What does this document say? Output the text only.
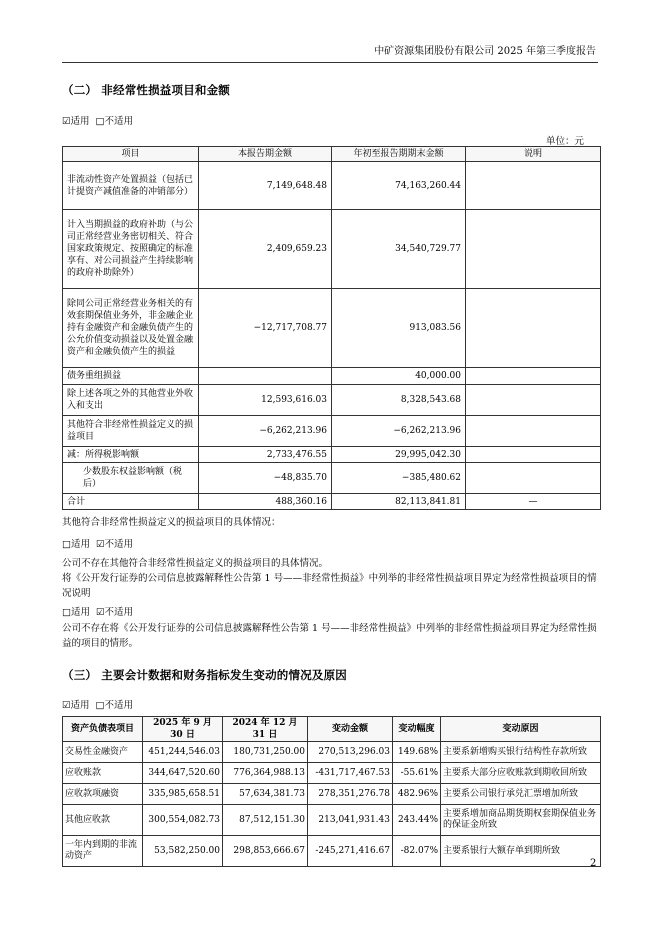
中矿资源集团股份有限公司 2025 年第三季度报告
（二） 非经常性损益项目和金额
☑适用 □不适用
单位：元
项目	本报告期金额	年初至报告期期末金额	说明
非流动性资产处置损益（包括已计提资产减值准备的冲销部分）	7,149,648.48	74,163,260.44	
计入当期损益的政府补助（与公司正常经营业务密切相关、符合国家政策规定、按照确定的标准享有、对公司损益产生持续影响的政府补助除外）	2,409,659.23	34,540,729.77	
除同公司正常经营业务相关的有效套期保值业务外，非金融企业持有金融资产和金融负债产生的公允价值变动损益以及处置金融资产和金融负债产生的损益	−12,717,708.77	913,083.56	
债务重组损益		40,000.00	
除上述各项之外的其他营业外收入和支出	12,593,616.03	8,328,543.68	
其他符合非经常性损益定义的损益项目	−6,262,213.96	−6,262,213.96	
减：所得税影响额	2,733,476.55	29,995,042.30	
少数股东权益影响额（税后）	−48,835.70	−385,480.62	
合计	488,360.16	82,113,841.81	—
其他符合非经常性损益定义的损益项目的具体情况：
□适用 ☑不适用
公司不存在其他符合非经常性损益定义的损益项目的具体情况。
将《公开发行证券的公司信息披露解释性公告第 1 号——非经常性损益》中列举的非经常性损益项目界定为经常性损益项目的情况说明
□适用 ☑不适用
公司不存在将《公开发行证券的公司信息披露解释性公告第 1 号——非经常性损益》中列举的非经常性损益项目界定为经常性损益的项目的情形。
（三） 主要会计数据和财务指标发生变动的情况及原因
☑适用 □不适用
资产负债表项目	2025 年 9 月 30 日	2024 年 12 月 31 日	变动金额	变动幅度	变动原因
交易性金融资产	451,244,546.03	180,731,250.00	270,513,296.03	149.68%	主要系新增购买银行结构性存款所致
应收账款	344,647,520.60	776,364,988.13	-431,717,467.53	-55.61%	主要系大部分应收账款到期收回所致
应收款项融资	335,985,658.51	57,634,381.73	278,351,276.78	482.96%	主要系公司银行承兑汇票增加所致
其他应收款	300,554,082.73	87,512,151.30	213,041,931.43	243.44%	主要系增加商品期货期权套期保值业务的保证金所致
一年内到期的非流动资产	53,582,250.00	298,853,666.67	-245,271,416.67	-82.07%	主要系银行大额存单到期所致
2
